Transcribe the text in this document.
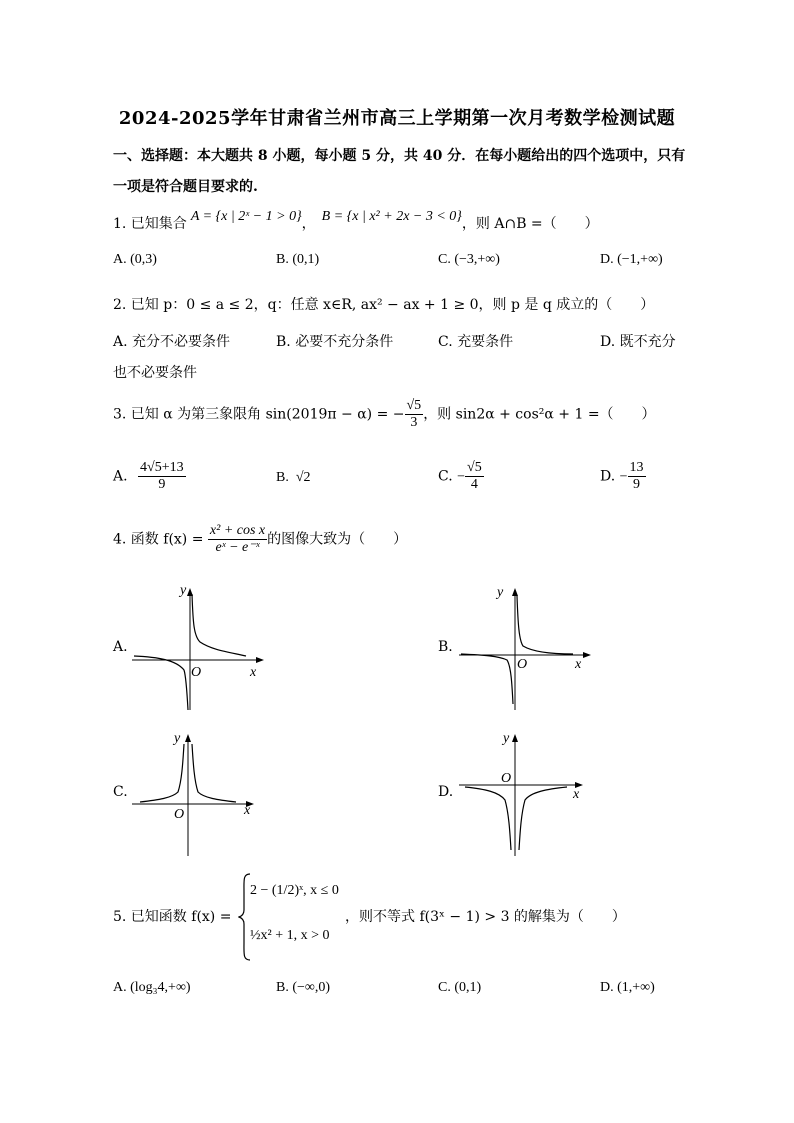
2024-2025学年甘肃省兰州市高三上学期第一次月考数学检测试题
一、选择题：本大题共 8 小题，每小题 5 分，共 40 分．在每小题给出的四个选项中，只有
一项是符合题目要求的.
1. 已知集合 A = {x | 2ˣ − 1 > 0}， B = {x | x² + 2x − 3 < 0}，则 A∩B =（　　）
A. (0,3)	B. (0,1)	C. (−3,+∞)	D. (−1,+∞)
2. 已知 p：0 ≤ a ≤ 2，q：任意 x∈R, ax² − ax + 1 ≥ 0，则 p 是 q 成立的（　　）
A. 充分不必要条件	B. 必要不充分条件	C. 充要条件	D. 既不充分
也不必要条件
3. 已知 α 为第三象限角 sin(2019π − α) = − $\frac{√5}{3}$ ，则 sin2α + cos²α + 1 =（　　）
A. $\frac{4√5+13}{9}$	B. √2	C. − $\frac{√5}{4}$	D. − $\frac{13}{9}$
4. 函数 $f(x) = \frac{\text{x² + cos x}}{\text{eˣ − e⁻ˣ}}$ 的图像大致为（　　）
A.
y
x
O
B.
y
x
O
C.
y
x
O
D.
y
x
O
5. 已知函数 f(x) =
2 − (1/2)ˣ, x ≤ 0
½x² + 1, x > 0
，则不等式 f(3ˣ − 1) > 3 的解集为（　　）
A. (log₃4,+∞)	B. (−∞,0)	C. (0,1)	D. (1,+∞)
